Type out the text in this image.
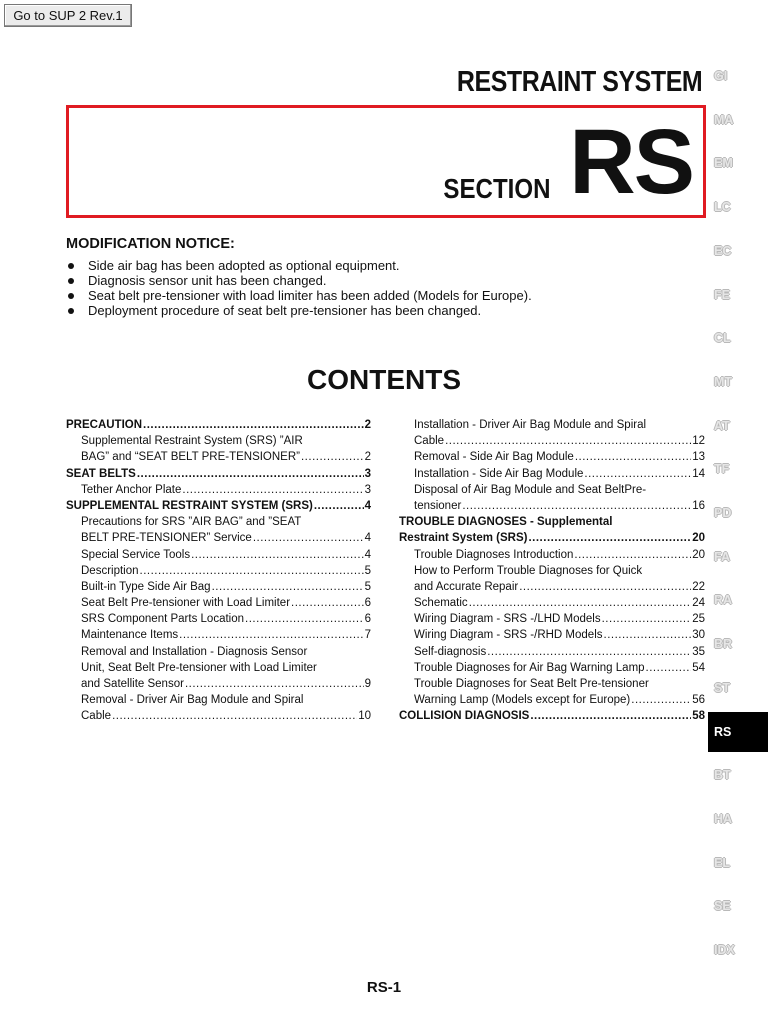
Go to SUP 2 Rev.1
RESTRAINT SYSTEM
SECTION RS
MODIFICATION NOTICE:
Side air bag has been adopted as optional equipment.
Diagnosis sensor unit has been changed.
Seat belt pre-tensioner with load limiter has been added (Models for Europe).
Deployment procedure of seat belt pre-tensioner has been changed.
CONTENTS
PRECAUTION .....	2
Supplemental Restraint System (SRS) ”AIR
BAG” and “SEAT BELT PRE-TENSIONER” .....	2
SEAT BELTS .....	3
Tether Anchor Plate .....	3
SUPPLEMENTAL RESTRAINT SYSTEM (SRS) .....	4
Precautions for SRS ”AIR BAG” and ”SEAT
BELT PRE-TENSIONER” Service .....	4
Special Service Tools .....	4
Description .....	5
Built-in Type Side Air Bag .....	5
Seat Belt Pre-tensioner with Load Limiter .....	6
SRS Component Parts Location .....	6
Maintenance Items .....	7
Removal and Installation - Diagnosis Sensor
Unit, Seat Belt Pre-tensioner with Load Limiter
and Satellite Sensor .....	9
Removal - Driver Air Bag Module and Spiral
Cable .....	10
Installation - Driver Air Bag Module and Spiral
Cable .....	12
Removal - Side Air Bag Module .....	13
Installation - Side Air Bag Module .....	14
Disposal of Air Bag Module and Seat BeltPre-
tensioner .....	16
TROUBLE DIAGNOSES - Supplemental
Restraint System (SRS) .....	20
Trouble Diagnoses Introduction .....	20
How to Perform Trouble Diagnoses for Quick
and Accurate Repair .....	22
Schematic .....	24
Wiring Diagram - SRS -/LHD Models .....	25
Wiring Diagram - SRS -/RHD Models .....	30
Self-diagnosis .....	35
Trouble Diagnoses for Air Bag Warning Lamp .....	54
Trouble Diagnoses for Seat Belt Pre-tensioner
Warning Lamp (Models except for Europe) .....	56
COLLISION DIAGNOSIS .....	58
GI
MA
EM
LC
EC
FE
CL
MT
AT
TF
PD
FA
RA
BR
ST
RS
BT
HA
EL
SE
IDX
RS-1
